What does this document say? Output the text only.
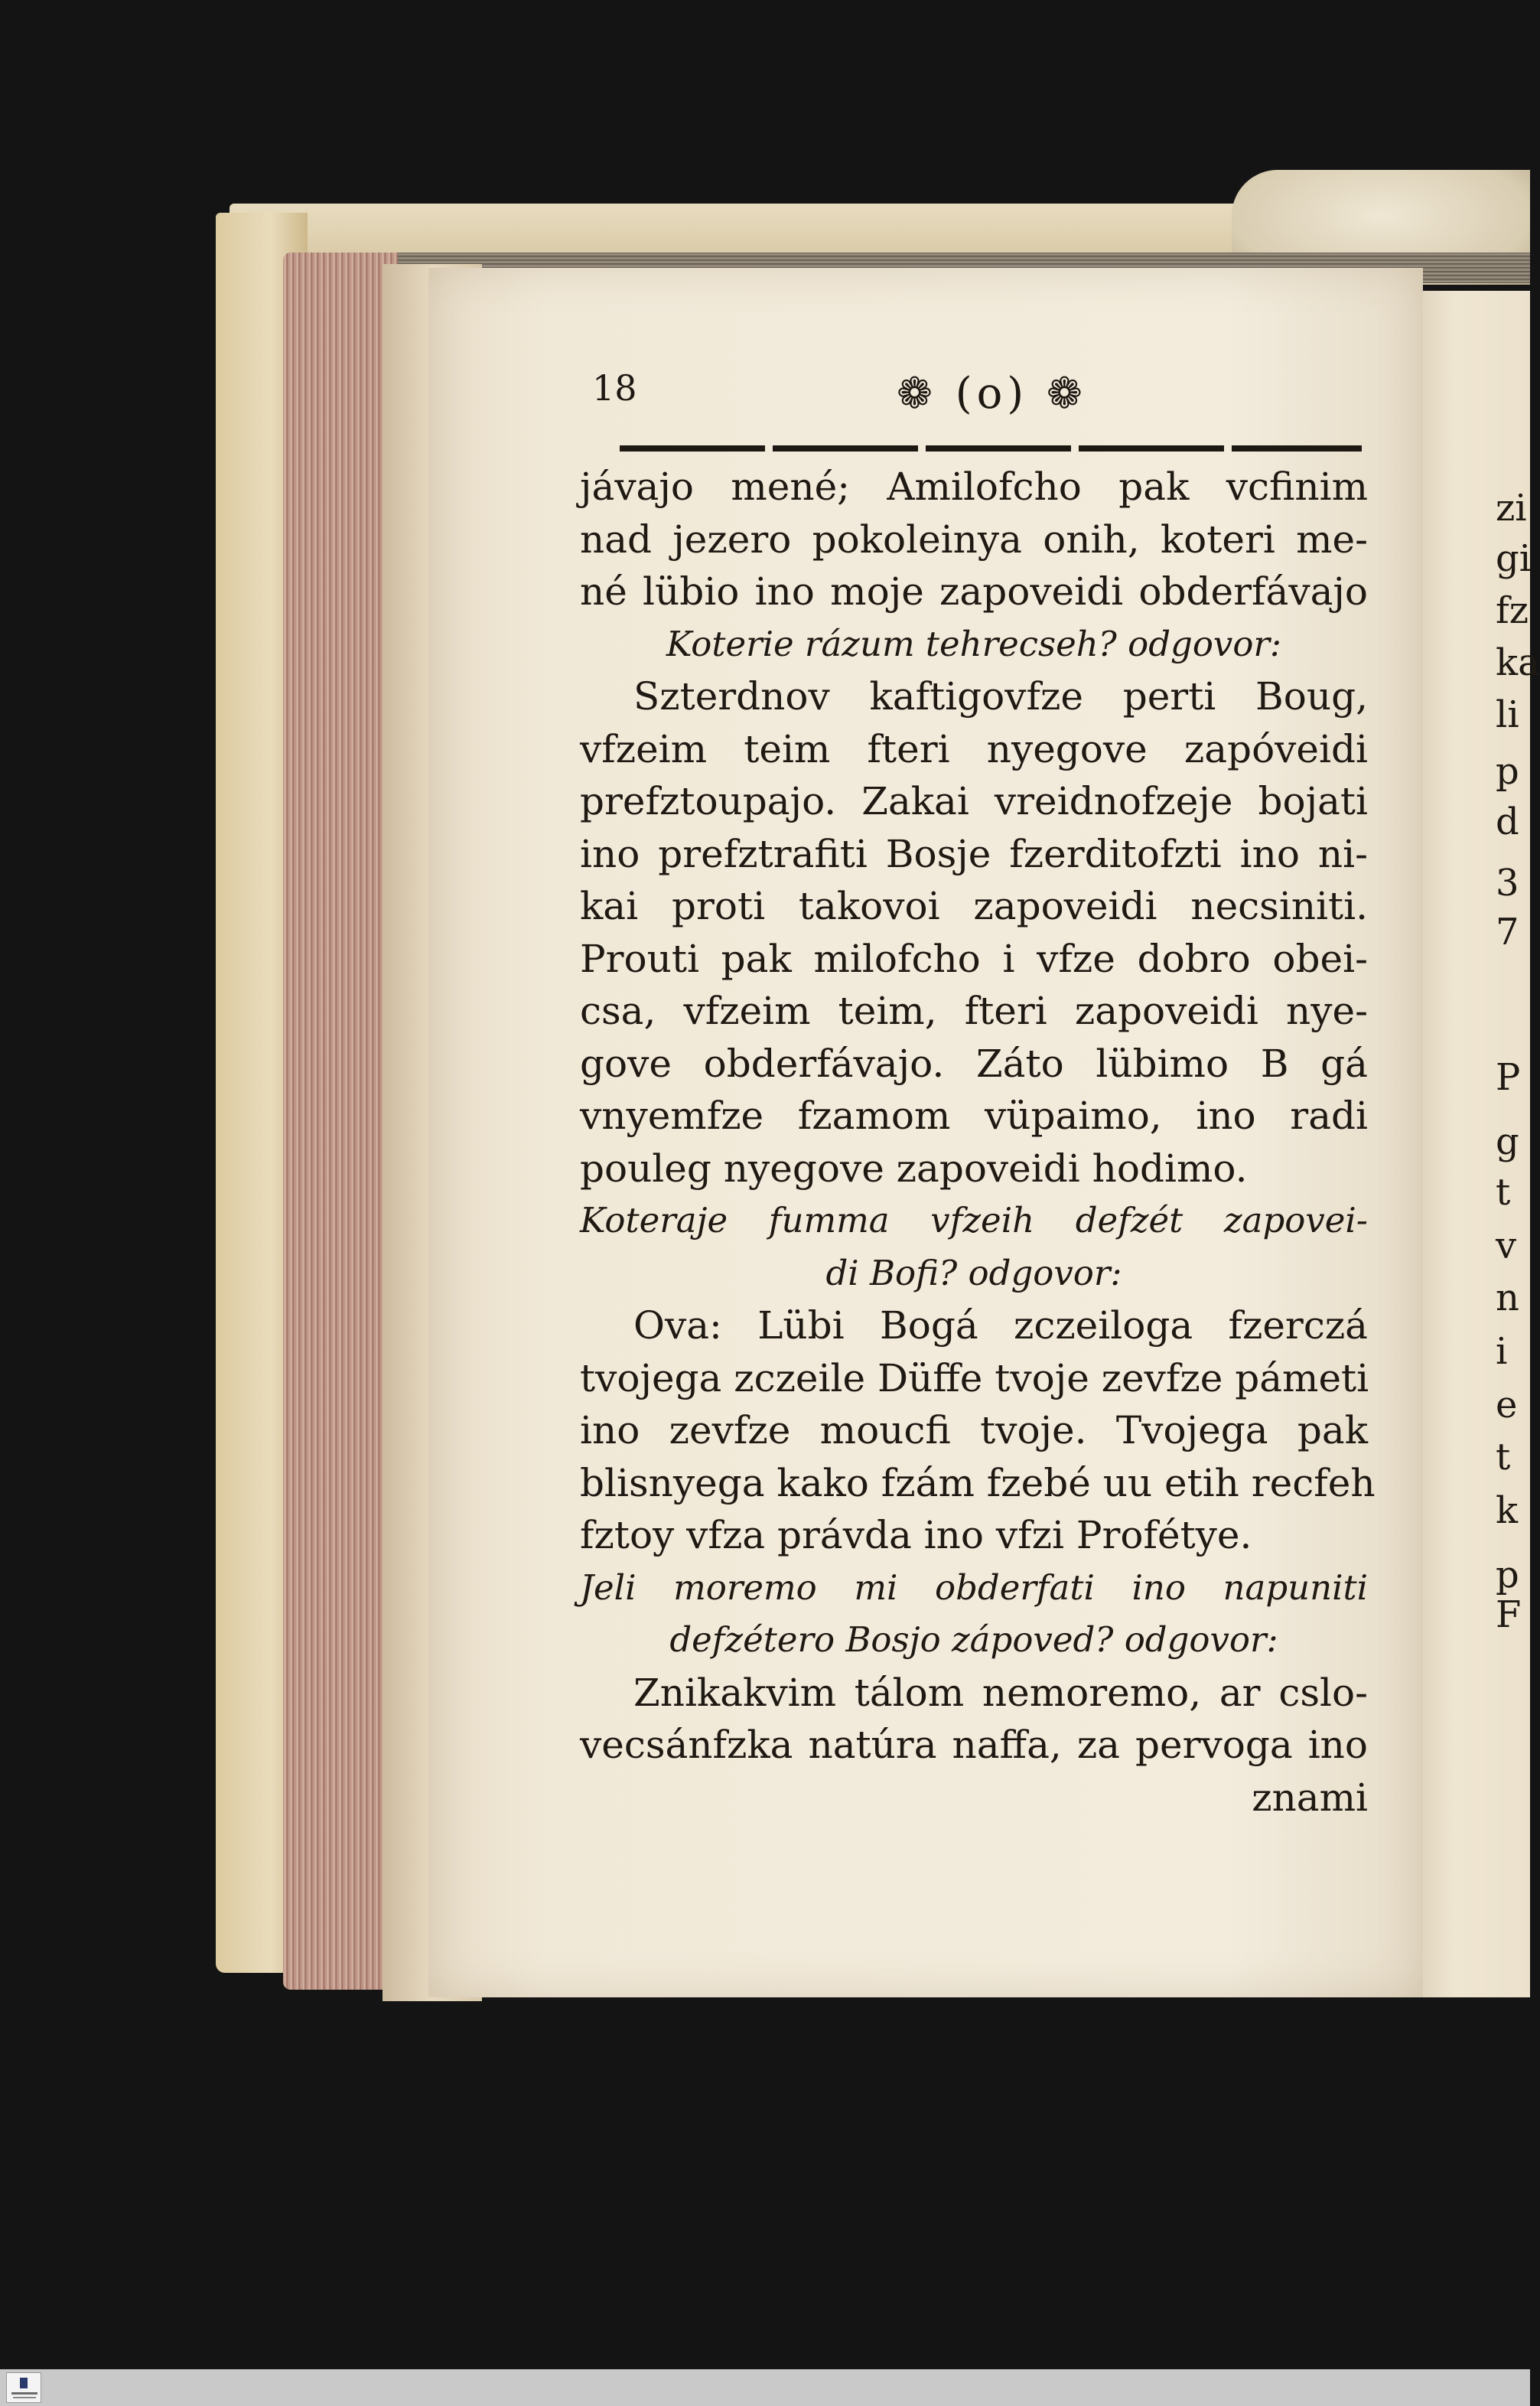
18	❁ (o) ❁
jávajo mené; Amilofcho pak vcfinim
nad jezero pokoleinya onih, koteri me-
né lübio ino moje zapoveidi obderfávajo
Koterie rázum tehrecseh? odgovor:
Szterdnov kaftigovfze perti Boug,
vfzeim teim fteri nyegove zapóveidi
prefztoupajo. Zakai vreidnofzeje bojati
ino prefztrafiti Bosje fzerditofzti ino ni-
kai proti takovoi zapoveidi necsiniti.
Prouti pak milofcho i vfze dobro obei-
csa, vfzeim teim, fteri zapoveidi nye-
gove obderfávajo. Záto lübimo B gá
vnyemfze fzamom vüpaimo, ino radi
pouleg nyegove zapoveidi hodimo.
Koteraje fumma vfzeih defzét zapovei-
di Bofi? odgovor:
Ova: Lübi Bogá zczeiloga fzerczá
tvojega zczeile Düffe tvoje zevfze pámeti
ino zevfze moucfi tvoje. Tvojega pak
blisnyega kako fzám fzebé uu etih recfeh
fztoy vfza právda ino vfzi Profétye.
Jeli moremo mi obderfati ino napuniti
defzétero Bosjo zápoved? odgovor:
Znikakvim tálom nemoremo, ar cslo-
vecsánfzka natúra naffa, za pervoga ino
znami
zi
gi
fz
ka
li
p
d
3
7
P
g
t
v
n
i
e
t
k
p
F
